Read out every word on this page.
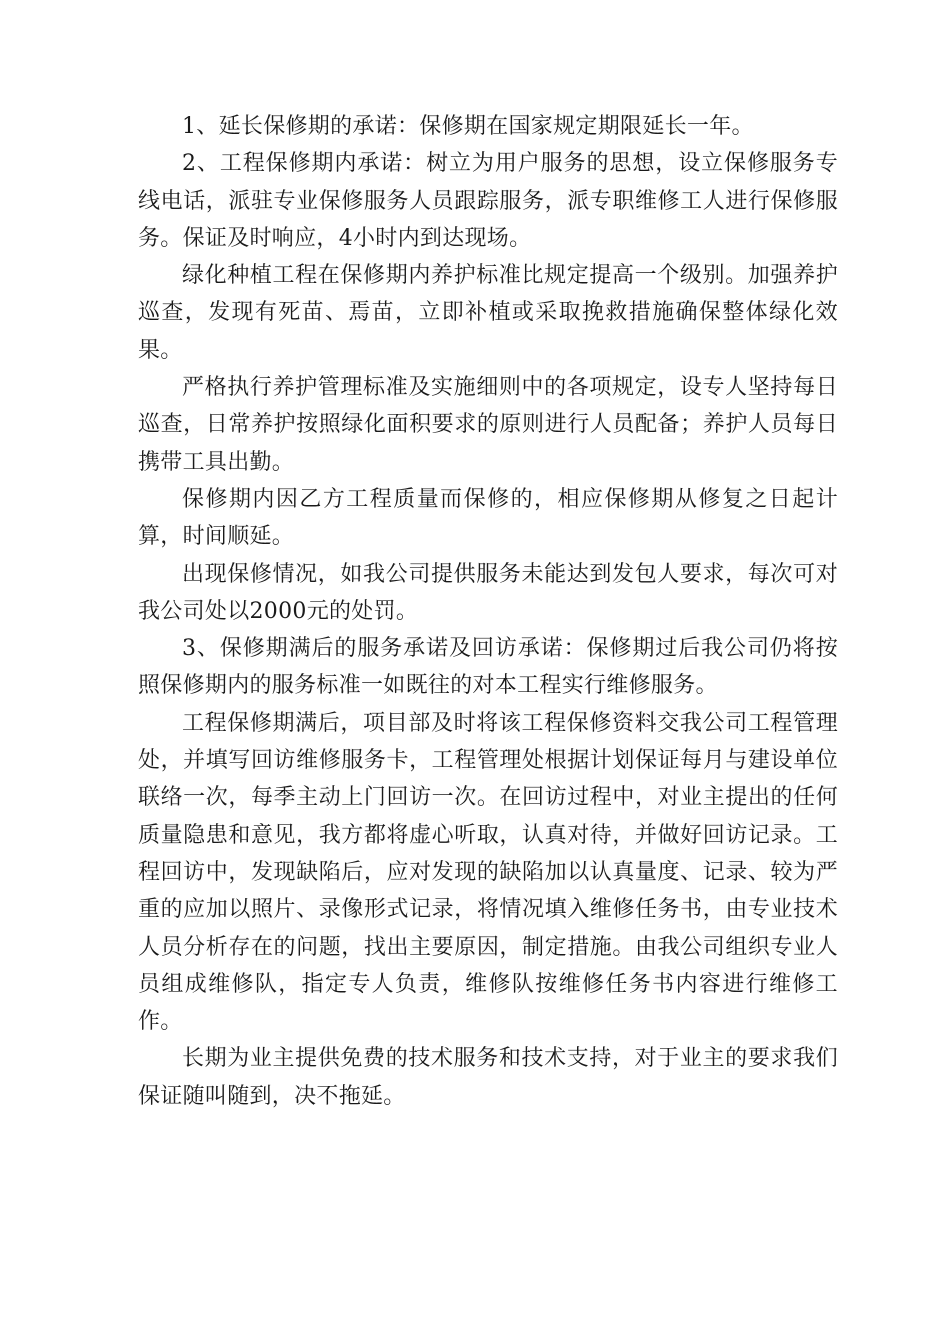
1、延长保修期的承诺：保修期在国家规定期限延长一年。

2、工程保修期内承诺：树立为用户服务的思想，设立保修服务专线电话，派驻专业保修服务人员跟踪服务，派专职维修工人进行保修服务。保证及时响应，4小时内到达现场。

绿化种植工程在保修期内养护标准比规定提高一个级别。加强养护巡查，发现有死苗、焉苗，立即补植或采取挽救措施确保整体绿化效果。

严格执行养护管理标准及实施细则中的各项规定，设专人坚持每日巡查，日常养护按照绿化面积要求的原则进行人员配备；养护人员每日携带工具出勤。

保修期内因乙方工程质量而保修的，相应保修期从修复之日起计算，时间顺延。

出现保修情况，如我公司提供服务未能达到发包人要求，每次可对我公司处以2000元的处罚。

3、保修期满后的服务承诺及回访承诺：保修期过后我公司仍将按照保修期内的服务标准一如既往的对本工程实行维修服务。

工程保修期满后，项目部及时将该工程保修资料交我公司工程管理处，并填写回访维修服务卡，工程管理处根据计划保证每月与建设单位联络一次，每季主动上门回访一次。在回访过程中，对业主提出的任何质量隐患和意见，我方都将虚心听取，认真对待，并做好回访记录。工程回访中，发现缺陷后，应对发现的缺陷加以认真量度、记录、较为严重的应加以照片、录像形式记录，将情况填入维修任务书，由专业技术人员分析存在的问题，找出主要原因，制定措施。由我公司组织专业人员组成维修队，指定专人负责，维修队按维修任务书内容进行维修工作。

长期为业主提供免费的技术服务和技术支持，对于业主的要求我们保证随叫随到，决不拖延。
